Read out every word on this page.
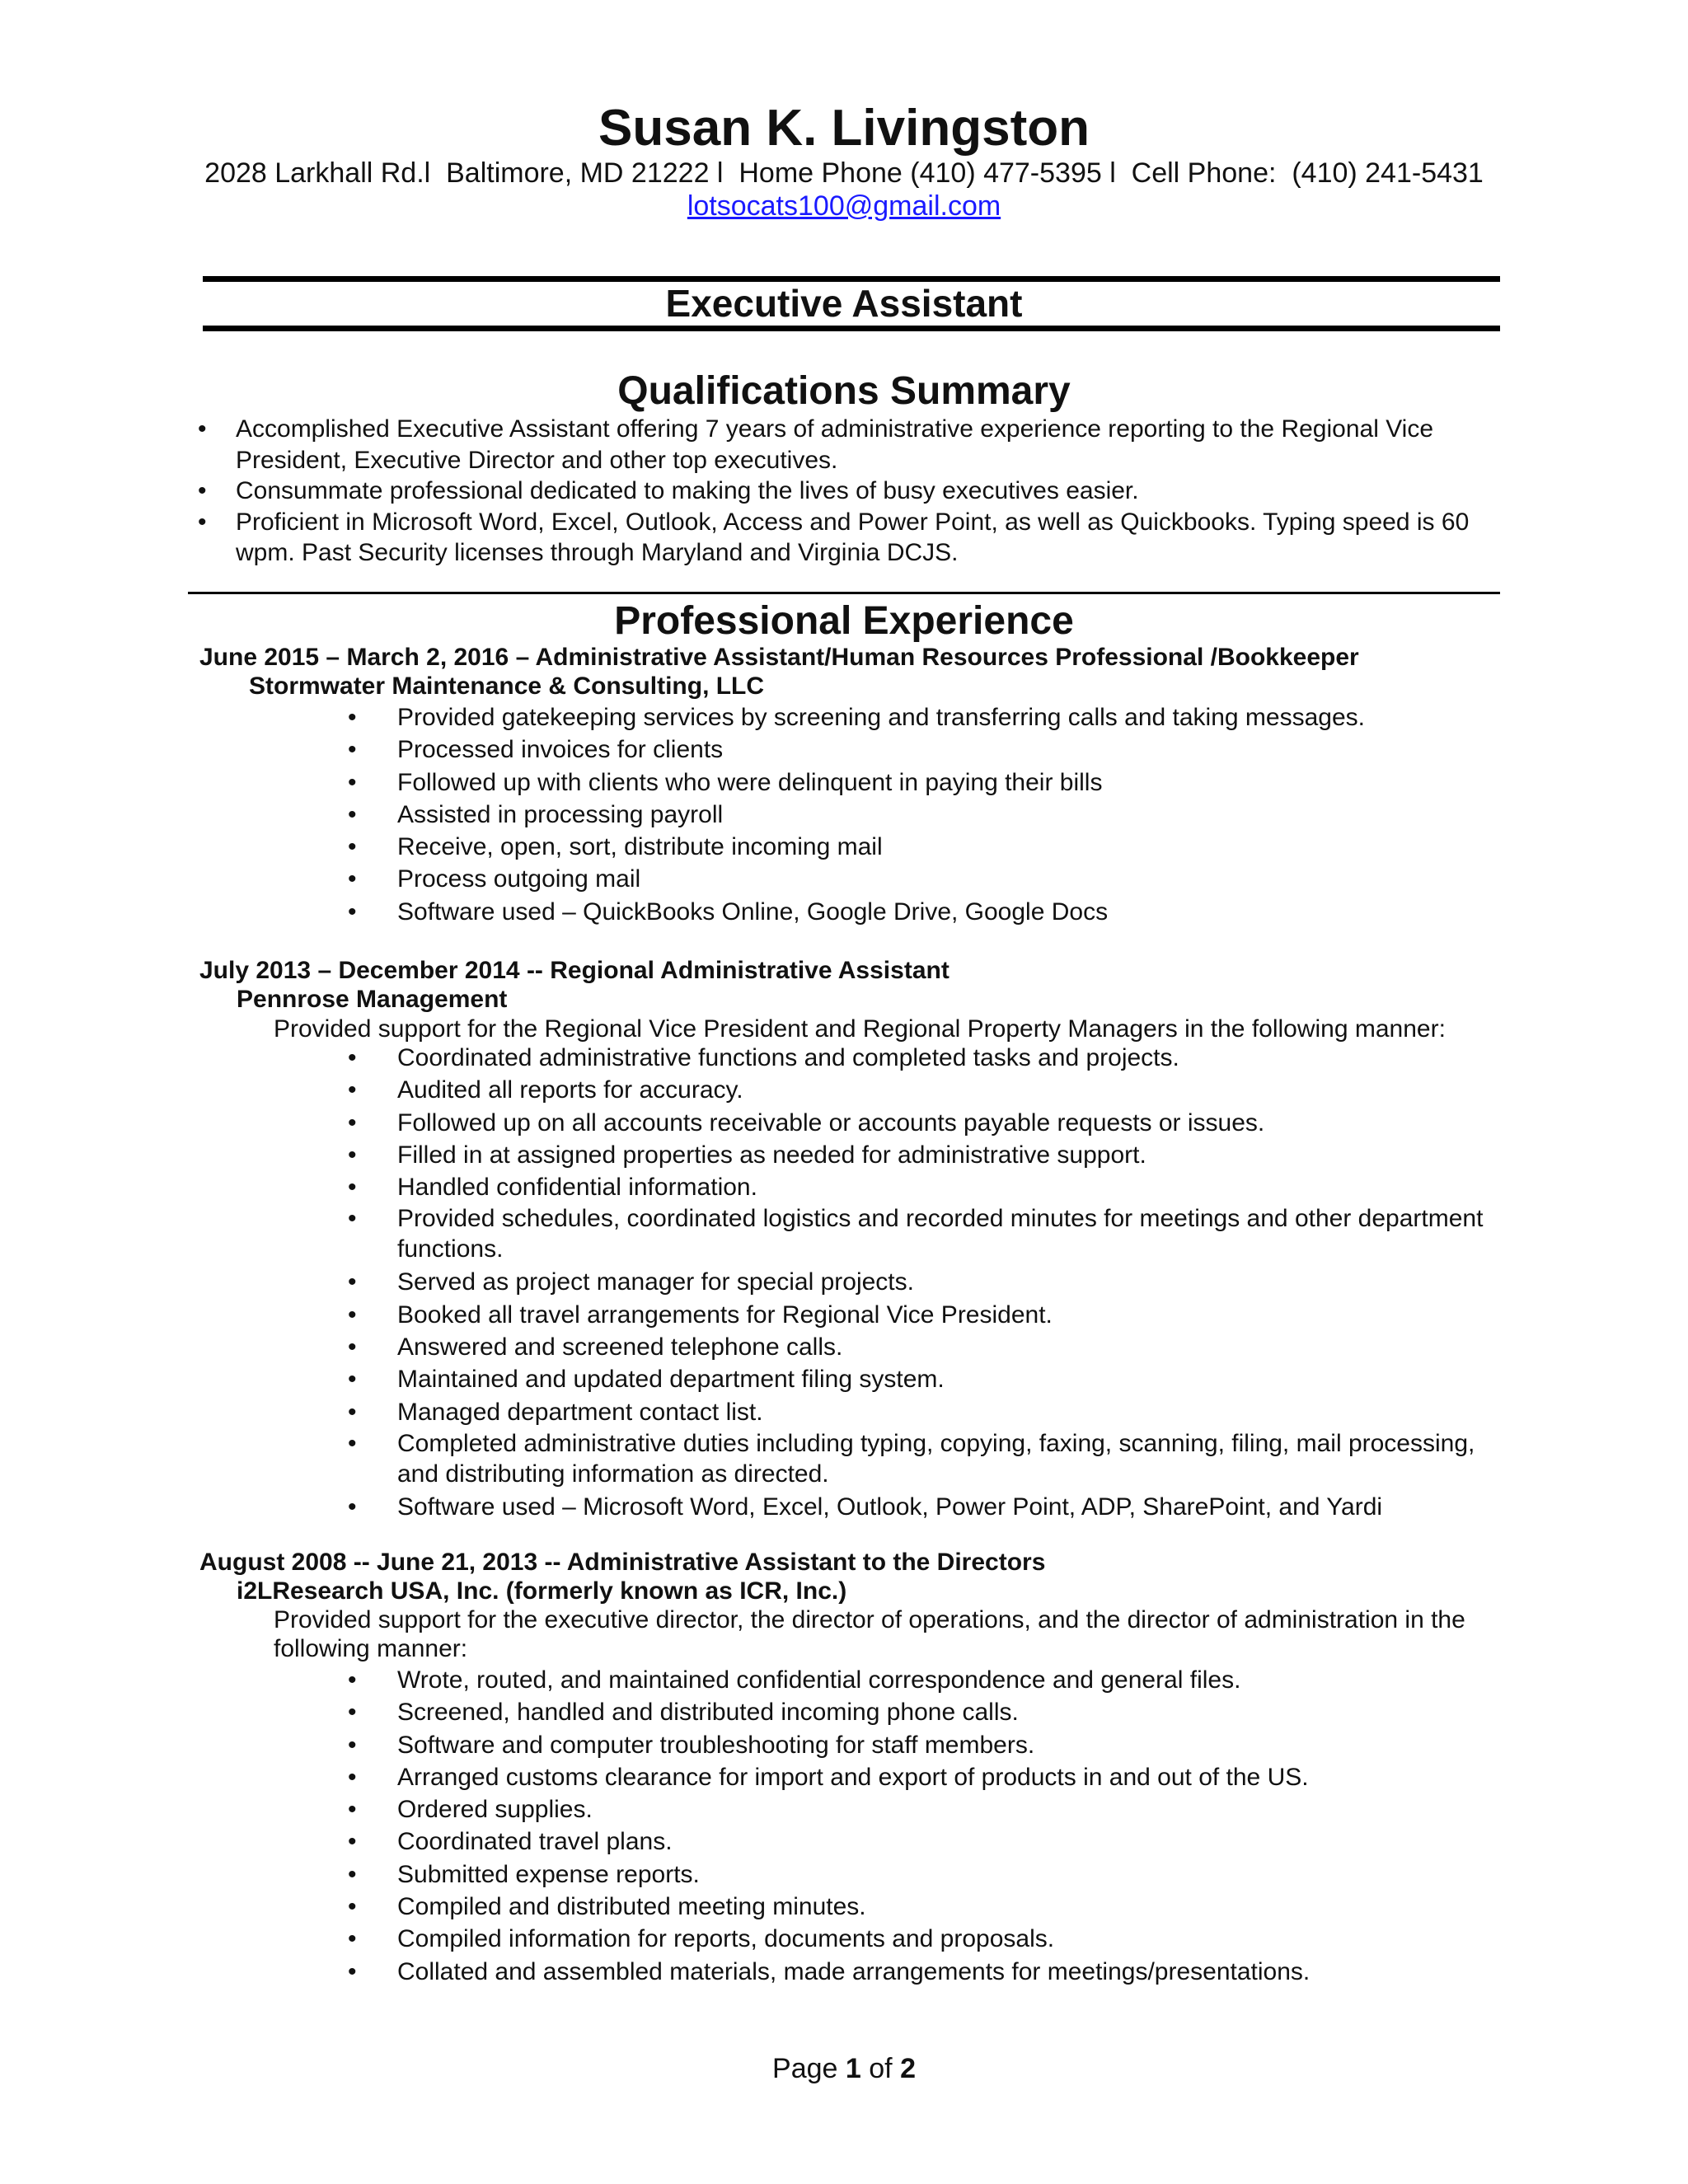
Susan K. Livingston
2028 Larkhall Rd.l  Baltimore, MD 21222 l  Home Phone (410) 477-5395 l  Cell Phone:  (410) 241-5431
lotsocats100@gmail.com
Executive Assistant
Qualifications Summary
• Accomplished Executive Assistant offering 7 years of administrative experience reporting to the Regional Vice President, Executive Director and other top executives.
• Consummate professional dedicated to making the lives of busy executives easier.
• Proficient in Microsoft Word, Excel, Outlook, Access and Power Point, as well as Quickbooks. Typing speed is 60 wpm. Past Security licenses through Maryland and Virginia DCJS.
Professional Experience
June 2015 – March 2, 2016 – Administrative Assistant/Human Resources Professional /Bookkeeper
Stormwater Maintenance & Consulting, LLC
• Provided gatekeeping services by screening and transferring calls and taking messages.
• Processed invoices for clients
• Followed up with clients who were delinquent in paying their bills
• Assisted in processing payroll
• Receive, open, sort, distribute incoming mail
• Process outgoing mail
• Software used – QuickBooks Online, Google Drive, Google Docs
July 2013 – December 2014 -- Regional Administrative Assistant
Pennrose Management
Provided support for the Regional Vice President and Regional Property Managers in the following manner:
• Coordinated administrative functions and completed tasks and projects.
• Audited all reports for accuracy.
• Followed up on all accounts receivable or accounts payable requests or issues.
• Filled in at assigned properties as needed for administrative support.
• Handled confidential information.
• Provided schedules, coordinated logistics and recorded minutes for meetings and other department functions.
• Served as project manager for special projects.
• Booked all travel arrangements for Regional Vice President.
• Answered and screened telephone calls.
• Maintained and updated department filing system.
• Managed department contact list.
• Completed administrative duties including typing, copying, faxing, scanning, filing, mail processing, and distributing information as directed.
• Software used – Microsoft Word, Excel, Outlook, Power Point, ADP, SharePoint, and Yardi
August 2008 -- June 21, 2013 -- Administrative Assistant to the Directors
i2LResearch USA, Inc. (formerly known as ICR, Inc.)
Provided support for the executive director, the director of operations, and the director of administration in the following manner:
• Wrote, routed, and maintained confidential correspondence and general files.
• Screened, handled and distributed incoming phone calls.
• Software and computer troubleshooting for staff members.
• Arranged customs clearance for import and export of products in and out of the US.
• Ordered supplies.
• Coordinated travel plans.
• Submitted expense reports.
• Compiled and distributed meeting minutes.
• Compiled information for reports, documents and proposals.
• Collated and assembled materials, made arrangements for meetings/presentations.
Page 1 of 2
